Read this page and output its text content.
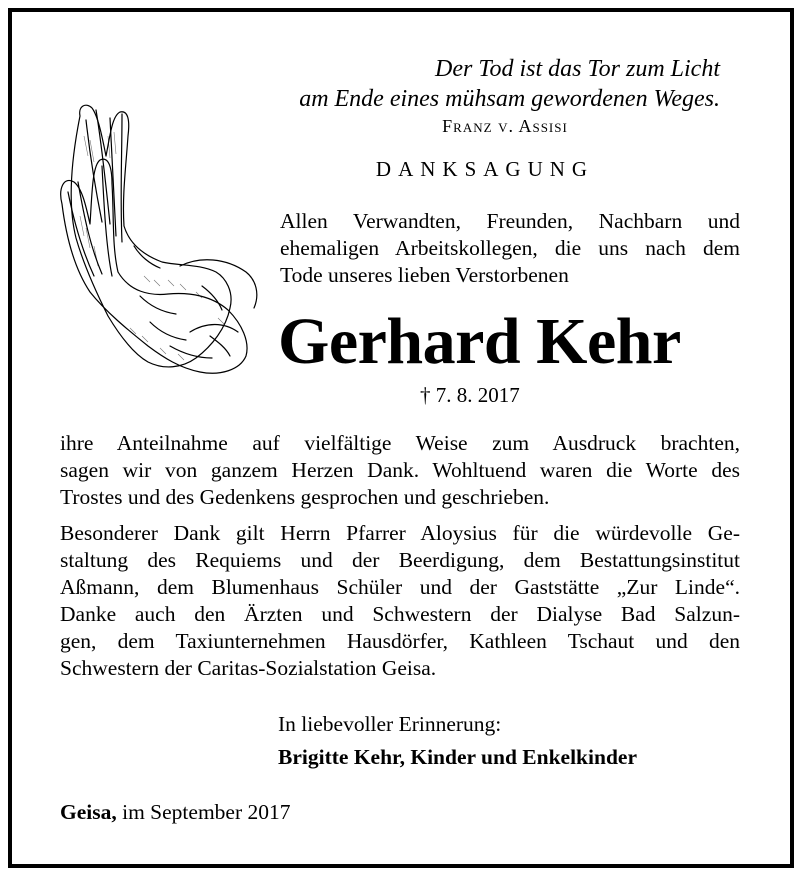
Der Tod ist das Tor zum Licht
am Ende eines mühsam gewordenen Weges.
Franz v. Assisi
DANKSAGUNG
Allen Verwandten, Freunden, Nachbarn und
ehemaligen Arbeitskollegen, die uns nach dem
Tode unseres lieben Verstorbenen
Gerhard Kehr
† 7. 8. 2017
ihre Anteilnahme auf vielfältige Weise zum Ausdruck brachten,
sagen wir von ganzem Herzen Dank. Wohltuend waren die Worte des
Trostes und des Gedenkens gesprochen und geschrieben.
Besonderer Dank gilt Herrn Pfarrer Aloysius für die würdevolle Ge-
staltung des Requiems und der Beerdigung, dem Bestattungsinstitut
Aßmann, dem Blumenhaus Schüler und der Gaststätte „Zur Linde“.
Danke auch den Ärzten und Schwestern der Dialyse Bad Salzun-
gen, dem Taxiunternehmen Hausdörfer, Kathleen Tschaut und den
Schwestern der Caritas-Sozialstation Geisa.
In liebevoller Erinnerung:
Brigitte Kehr, Kinder und Enkelkinder
Geisa, im September 2017
